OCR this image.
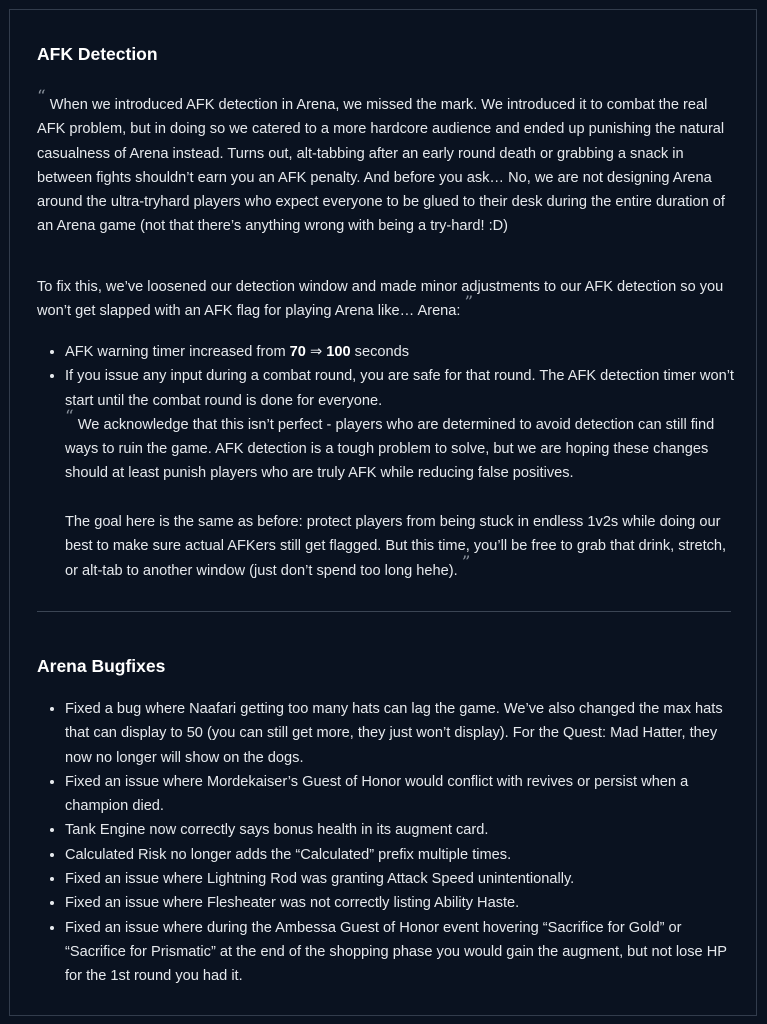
AFK Detection

“ When we introduced AFK detection in Arena, we missed the mark. We introduced it to combat the real AFK problem, but in doing so we catered to a more hardcore audience and ended up punishing the natural casualness of Arena instead. Turns out, alt-tabbing after an early round death or grabbing a snack in between fights shouldn’t earn you an AFK penalty. And before you ask… No, we are not designing Arena around the ultra-tryhard players who expect everyone to be glued to their desk during the entire duration of an Arena game (not that there’s anything wrong with being a try-hard! :D)

To fix this, we’ve loosened our detection window and made minor adjustments to our AFK detection so you won’t get slapped with an AFK flag for playing Arena like… Arena: ”

• AFK warning timer increased from 70 ⇒ 100 seconds
• If you issue any input during a combat round, you are safe for that round. The AFK detection timer won’t start until the combat round is done for everyone.
“ We acknowledge that this isn’t perfect - players who are determined to avoid detection can still find ways to ruin the game. AFK detection is a tough problem to solve, but we are hoping these changes should at least punish players who are truly AFK while reducing false positives.
The goal here is the same as before: protect players from being stuck in endless 1v2s while doing our best to make sure actual AFKers still get flagged. But this time, you’ll be free to grab that drink, stretch, or alt-tab to another window (just don’t spend too long hehe). ”
Arena Bugfixes
• Fixed a bug where Naafari getting too many hats can lag the game. We’ve also changed the max hats that can display to 50 (you can still get more, they just won’t display). For the Quest: Mad Hatter, they now no longer will show on the dogs.
• Fixed an issue where Mordekaiser’s Guest of Honor would conflict with revives or persist when a champion died.
• Tank Engine now correctly says bonus health in its augment card.
• Calculated Risk no longer adds the “Calculated” prefix multiple times.
• Fixed an issue where Lightning Rod was granting Attack Speed unintentionally.
• Fixed an issue where Flesheater was not correctly listing Ability Haste.
• Fixed an issue where during the Ambessa Guest of Honor event hovering “Sacrifice for Gold” or “Sacrifice for Prismatic” at the end of the shopping phase you would gain the augment, but not lose HP for the 1st round you had it.
